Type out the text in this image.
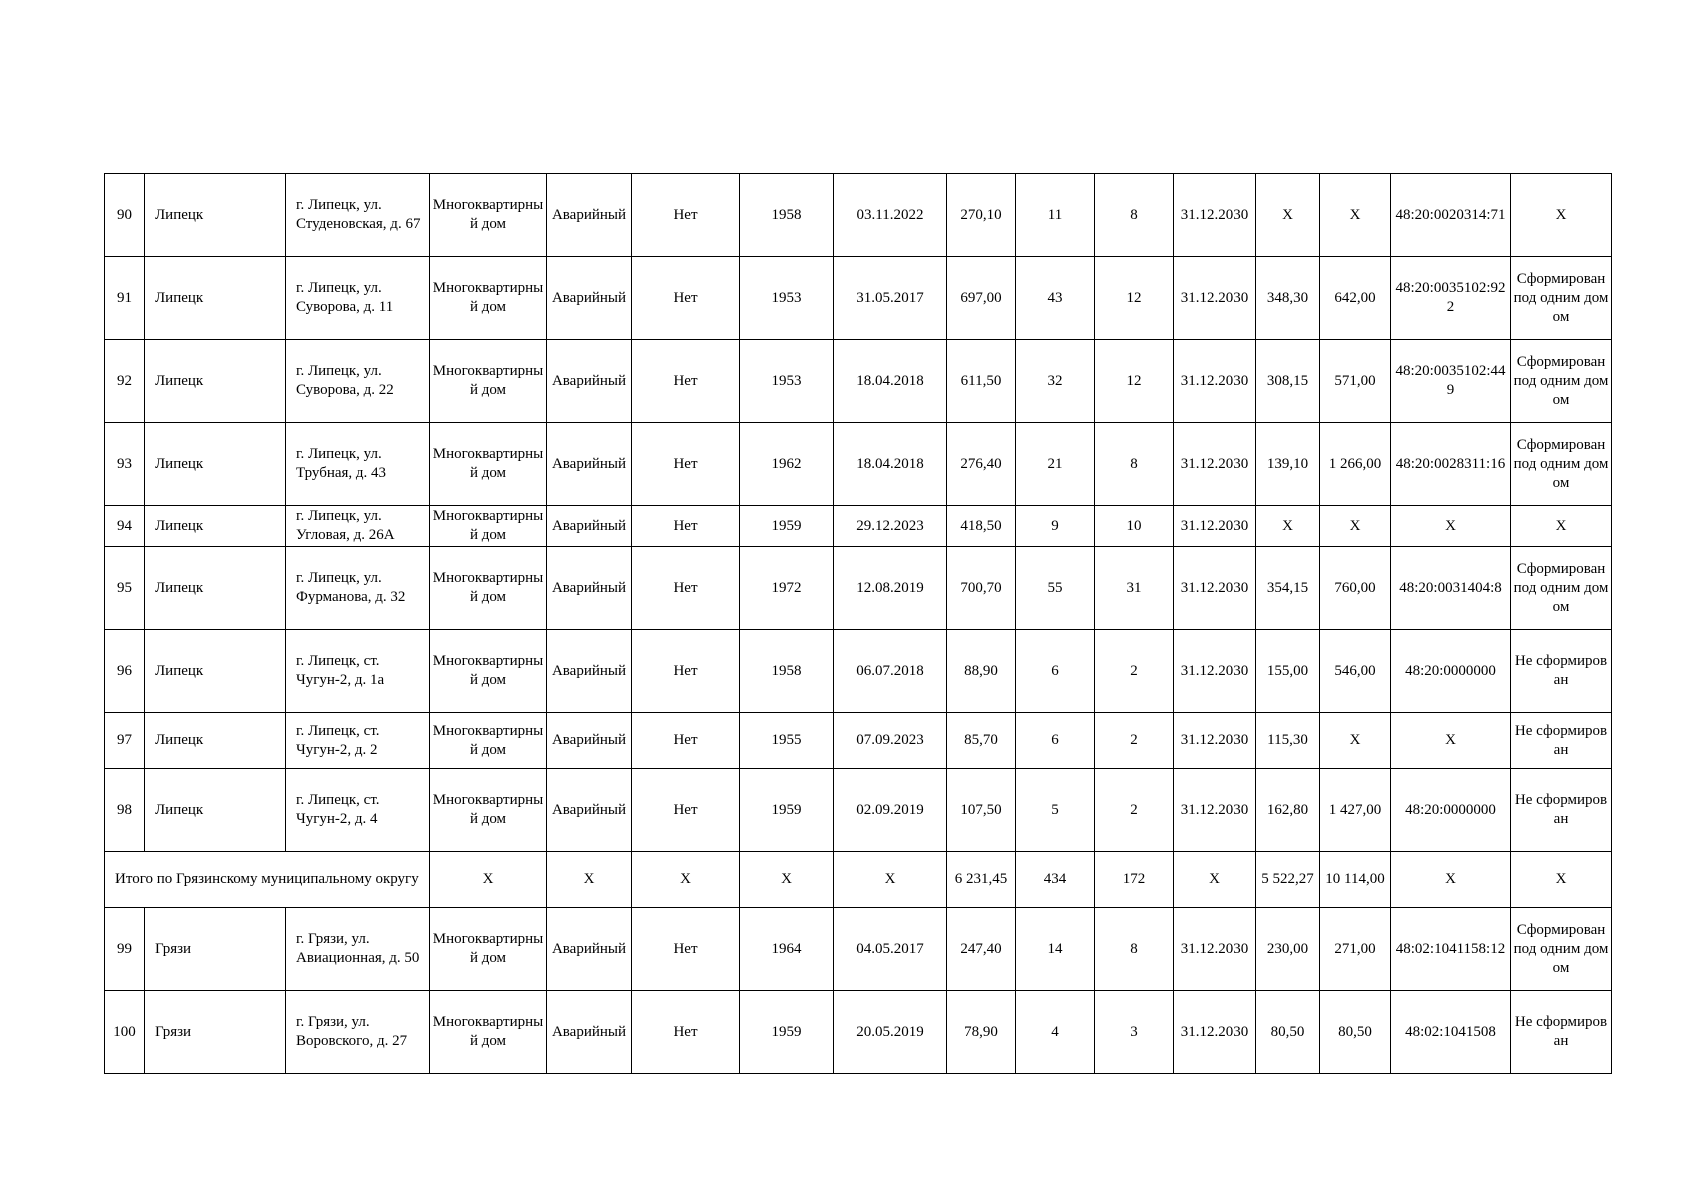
90	Липецк	г. Липецк, ул. Студеновская, д. 67	Многоквартирный дом	Аварийный	Нет	1958	03.11.2022	270,10	11	8	31.12.2030	X	X	48:20:0020314:71	X
91	Липецк	г. Липецк, ул. Суворова, д. 11	Многоквартирный дом	Аварийный	Нет	1953	31.05.2017	697,00	43	12	31.12.2030	348,30	642,00	48:20:0035102:922	Сформирован под одним домом
92	Липецк	г. Липецк, ул. Суворова, д. 22	Многоквартирный дом	Аварийный	Нет	1953	18.04.2018	611,50	32	12	31.12.2030	308,15	571,00	48:20:0035102:449	Сформирован под одним домом
93	Липецк	г. Липецк, ул. Трубная, д. 43	Многоквартирный дом	Аварийный	Нет	1962	18.04.2018	276,40	21	8	31.12.2030	139,10	1 266,00	48:20:0028311:16	Сформирован под одним домом
94	Липецк	г. Липецк, ул. Угловая, д. 26А	Многоквартирный дом	Аварийный	Нет	1959	29.12.2023	418,50	9	10	31.12.2030	X	X	X	X
95	Липецк	г. Липецк, ул. Фурманова, д. 32	Многоквартирный дом	Аварийный	Нет	1972	12.08.2019	700,70	55	31	31.12.2030	354,15	760,00	48:20:0031404:8	Сформирован под одним домом
96	Липецк	г. Липецк, ст. Чугун-2, д. 1а	Многоквартирный дом	Аварийный	Нет	1958	06.07.2018	88,90	6	2	31.12.2030	155,00	546,00	48:20:0000000	Не сформирован
97	Липецк	г. Липецк, ст. Чугун-2, д. 2	Многоквартирный дом	Аварийный	Нет	1955	07.09.2023	85,70	6	2	31.12.2030	115,30	X	X	Не сформирован
98	Липецк	г. Липецк, ст. Чугун-2, д. 4	Многоквартирный дом	Аварийный	Нет	1959	02.09.2019	107,50	5	2	31.12.2030	162,80	1 427,00	48:20:0000000	Не сформирован
Итого по Грязинскому муниципальному округу			X	X	X	X	X	6 231,45	434	172	X	5 522,27	10 114,00	X	X
99	Грязи	г. Грязи, ул. Авиационная, д. 50	Многоквартирный дом	Аварийный	Нет	1964	04.05.2017	247,40	14	8	31.12.2030	230,00	271,00	48:02:1041158:12	Сформирован под одним домом
100	Грязи	г. Грязи, ул. Воровского, д. 27	Многоквартирный дом	Аварийный	Нет	1959	20.05.2019	78,90	4	3	31.12.2030	80,50	80,50	48:02:1041508	Не сформирован
